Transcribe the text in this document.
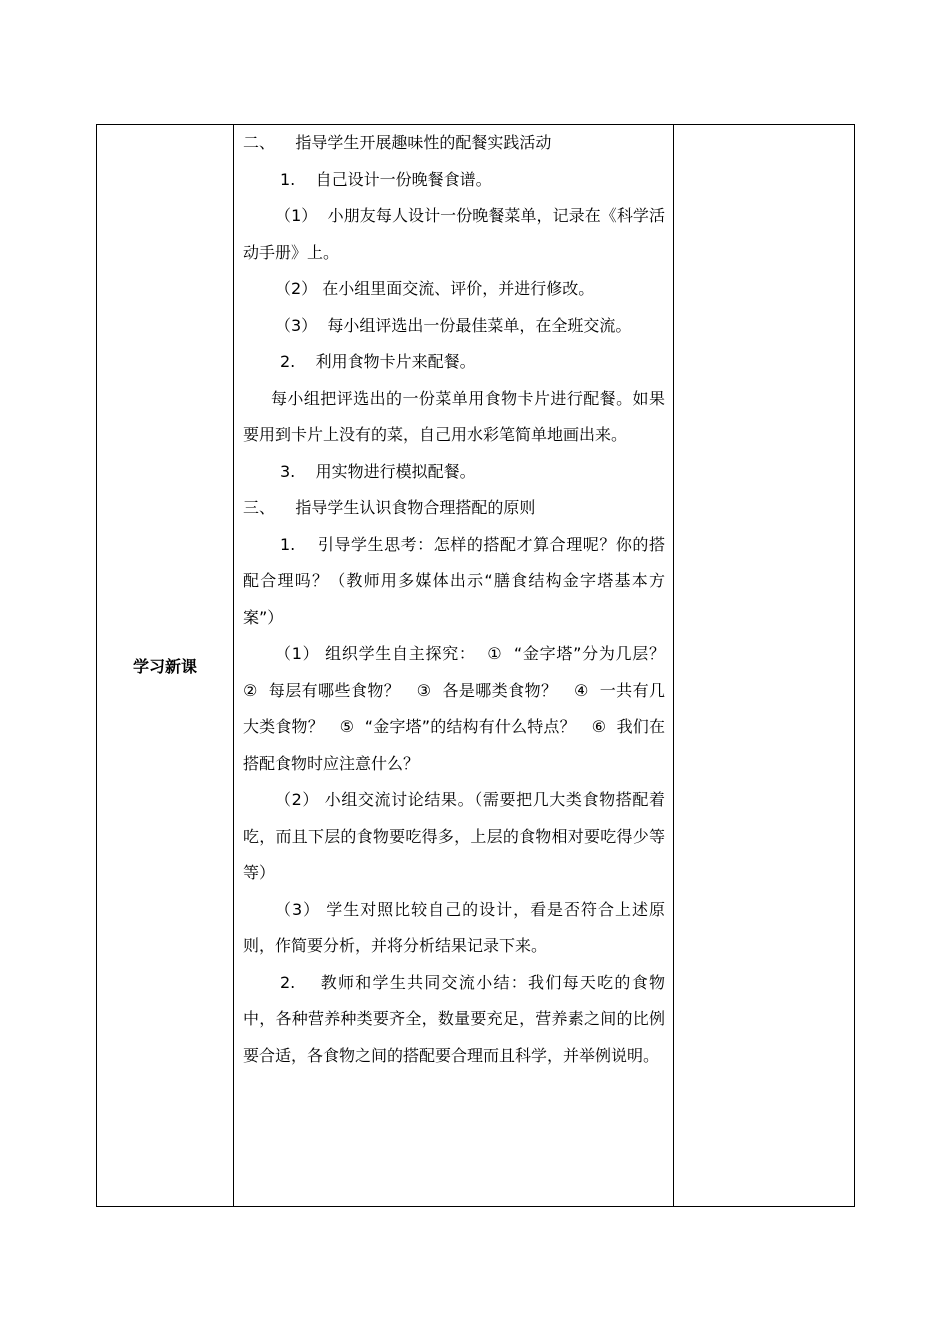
学习新课	

二、    指导学生开展趣味性的配餐实践活动

1.    自己设计一份晚餐食谱。

（1）  小朋友每人设计一份晚餐菜单，记录在《科学活动手册》上。

（2） 在小组里面交流、评价，并进行修改。

（3）  每小组评选出一份最佳菜单，在全班交流。

2.    利用食物卡片来配餐。

每小组把评选出的一份菜单用食物卡片进行配餐。如果要用到卡片上没有的菜，自己用水彩笔简单地画出来。

3.    用实物进行模拟配餐。

三、    指导学生认识食物合理搭配的原则

1.    引导学生思考：怎样的搭配才算合理呢？你的搭配合理吗？（教师用多媒体出示“膳食结构金字塔基本方案”）

（1） 组织学生自主探究：  ①  “金字塔”分为几层？  ②  每层有哪些食物？   ③  各是哪类食物？   ④  一共有几大类食物？   ⑤  “金字塔”的结构有什么特点？   ⑥  我们在搭配食物时应注意什么？

（2） 小组交流讨论结果。（需要把几大类食物搭配着吃，而且下层的食物要吃得多，上层的食物相对要吃得少等等）

（3） 学生对照比较自己的设计，看是否符合上述原则，作简要分析，并将分析结果记录下来。

2.    教师和学生共同交流小结：我们每天吃的食物中，各种营养种类要齐全，数量要充足，营养素之间的比例要合适，各食物之间的搭配要合理而且科学，并举例说明。
